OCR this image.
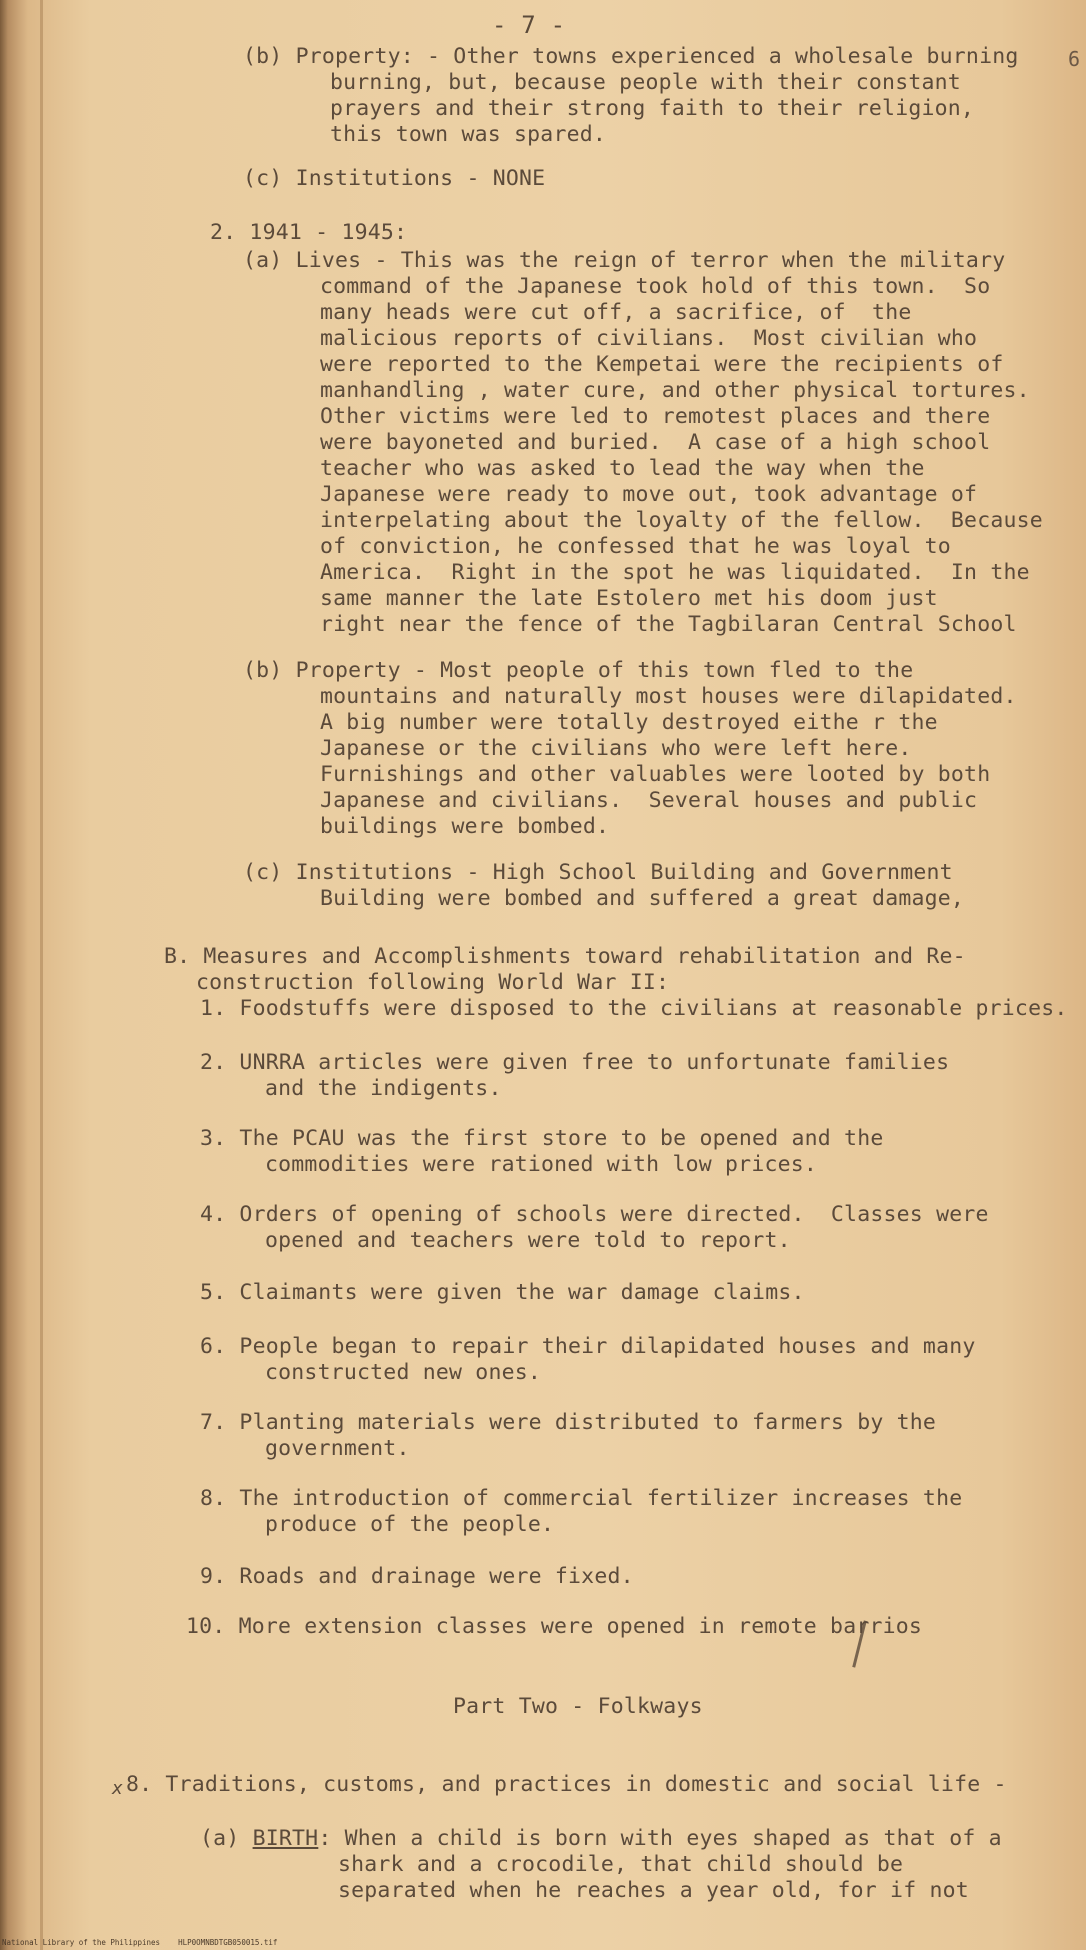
- 7 -
6
(b) Property: - Other towns experienced a wholesale burning
burning, but, because people with their constant
prayers and their strong faith to their religion,
this town was spared.
(c) Institutions - NONE
2. 1941 - 1945:
(a) Lives - This was the reign of terror when the military
command of the Japanese took hold of this town.  So
many heads were cut off, a sacrifice, of  the
malicious reports of civilians.  Most civilian who
were reported to the Kempetai were the recipients of
manhandling , water cure, and other physical tortures.
Other victims were led to remotest places and there
were bayoneted and buried.  A case of a high school
teacher who was asked to lead the way when the
Japanese were ready to move out, took advantage of
interpelating about the loyalty of the fellow.  Because
of conviction, he confessed that he was loyal to
America.  Right in the spot he was liquidated.  In the
same manner the late Estolero met his doom just
right near the fence of the Tagbilaran Central School
(b) Property - Most people of this town fled to the
mountains and naturally most houses were dilapidated.
A big number were totally destroyed eithe r the
Japanese or the civilians who were left here.
Furnishings and other valuables were looted by both
Japanese and civilians.  Several houses and public
buildings were bombed.
(c) Institutions - High School Building and Government
Building were bombed and suffered a great damage,
B. Measures and Accomplishments toward rehabilitation and Re-
construction following World War II:
1. Foodstuffs were disposed to the civilians at reasonable prices.
2. UNRRA articles were given free to unfortunate families
and the indigents.
3. The PCAU was the first store to be opened and the
commodities were rationed with low prices.
4. Orders of opening of schools were directed.  Classes were
opened and teachers were told to report.
5. Claimants were given the war damage claims.
6. People began to repair their dilapidated houses and many
constructed new ones.
7. Planting materials were distributed to farmers by the
government.
8. The introduction of commercial fertilizer increases the
produce of the people.
9. Roads and drainage were fixed.
10. More extension classes were opened in remote barrios
Part Two - Folkways
x 8. Traditions, customs, and practices in domestic and social life -
(a) BIRTH: When a child is born with eyes shaped as that of a
shark and a crocodile, that child should be
separated when he reaches a year old, for if not
National Library of the Philippines    HLP0OMNBDTGB050015.tif
